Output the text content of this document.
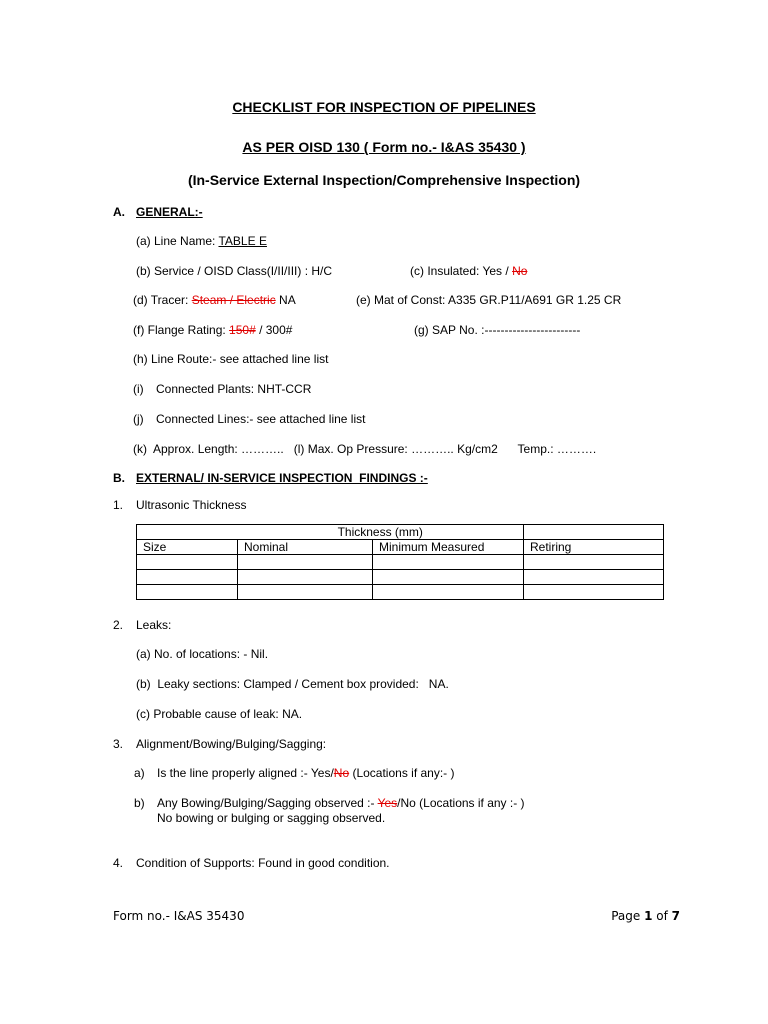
CHECKLIST FOR INSPECTION OF PIPELINES
AS PER OISD 130 ( Form no.- I&AS 35430 )
(In-Service External Inspection/Comprehensive Inspection)
A. GENERAL:-
(a) Line Name: TABLE E
(b) Service / OISD Class(I/II/III) : H/C	(c) Insulated: Yes / No
(d) Tracer: Steam / Electric NA	(e) Mat of Const: A335 GR.P11/A691 GR 1.25 CR
(f) Flange Rating: 150# / 300#	(g) SAP No. :------------------------
(h) Line Route:- see attached line list
(i) Connected Plants: NHT-CCR
(j) Connected Lines:- see attached line list
(k)  Approx. Length: ………..   (l) Max. Op Pressure: ……….. Kg/cm2      Temp.: ……….
B. EXTERNAL/ IN-SERVICE INSPECTION  FINDINGS :-
1. Ultrasonic Thickness
	Thickness (mm)		
Size	Nominal	Minimum Measured	Retiring

2. Leaks:
(a) No. of locations: - Nil.
(b)  Leaky sections: Clamped / Cement box provided:   NA.
(c) Probable cause of leak: NA.
3. Alignment/Bowing/Bulging/Sagging:
a) Is the line properly aligned :- Yes/No (Locations if any:- )
b) Any Bowing/Bulging/Sagging observed :- Yes/No (Locations if any :- )
No bowing or bulging or sagging observed.
4. Condition of Supports: Found in good condition.
Form no.- I&AS 35430	Page 1 of 7
